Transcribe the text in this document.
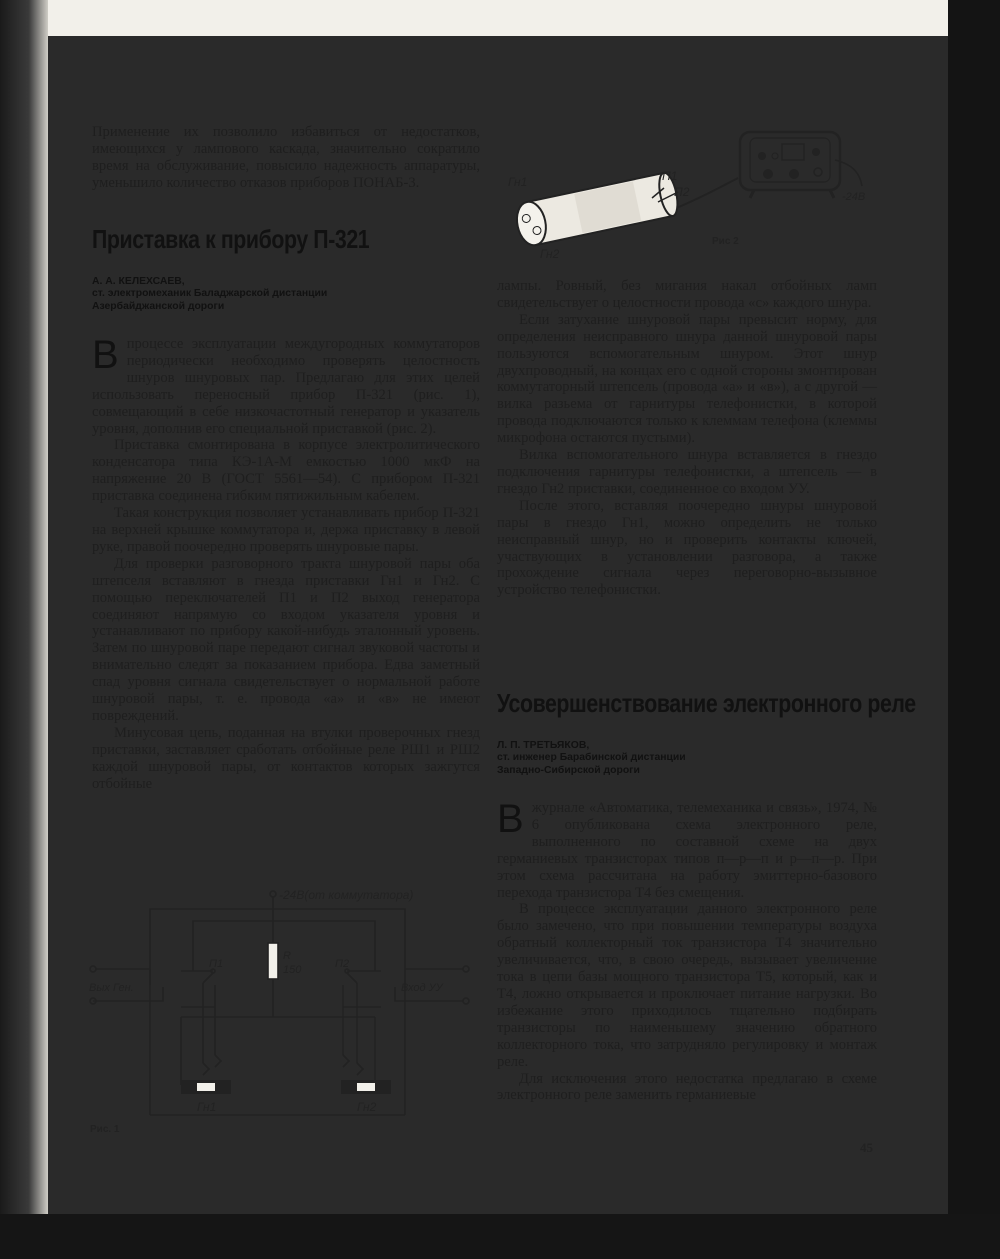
Применение их позволило избавиться от недостатков, имеющихся у лампового каскада, значительно сократило время на обслуживание, повысило надежность аппаратуры, уменьшило количество отказов приборов ПОНАБ-3.

Приставка к прибору П-321
А. А. КЕЛЕХСАЕВ,
ст. электромеханик Баладжарской дистанции
Азербайджанской дороги

В процессе эксплуатации междугородных коммутаторов периодически необходимо проверять целостность шнуров шнуровых пар. Предлагаю для этих целей использовать переносный прибор П-321 (рис. 1), совмещающий в себе низкочастотный генератор и указатель уровня, дополнив его специальной приставкой (рис. 2).

Приставка смонтирована в корпусе электролитического конденсатора типа КЭ-1А-М емкостью 1000 мкФ на напряжение 20 В (ГОСТ 5561—54). С прибором П-321 приставка соединена гибким пятижильным кабелем.

Такая конструкция позволяет устанавливать прибор П-321 на верхней крышке коммутатора и, держа приставку в левой руке, правой поочередно проверять шнуровые пары.

Для проверки разговорного тракта шнуровой пары оба штепселя вставляют в гнезда приставки Гн1 и Гн2. С помощью переключателей П1 и П2 выход генератора соединяют напрямую со входом указателя уровня и устанавливают по прибору какой-нибудь эталонный уровень. Затем по шнуровой паре передают сигнал звуковой частоты и внимательно следят за показанием прибора. Едва заметный спад уровня сигнала свидетельствует о нормальной работе шнуровой пары, т. е. провода «а» и «в» не имеют повреждений.

Минусовая цепь, поданная на втулки проверочных гнезд приставки, заставляет сработать отбойные реле РШ1 и РШ2 каждой шнуровой пары, от контактов которых зажгутся отбойные

Гн1
Гн2
П1
П2	-24В
Рис 2

лампы. Ровный, без мигания накал отбойных ламп свидетельствует о целостности провода «с» каждого шнура.

Если затухание шнуровой пары превысит норму, для определения неисправного шнура данной шнуровой пары пользуются вспомогательным шнуром. Этот шнур двухпроводный, на концах его с одной стороны змонтирован коммутаторный штепсель (провода «а» и «в»), а с другой — вилка разьема от гарнитуры телефонистки, в которой провода подключаются только к клеммам телефона (клеммы микрофона остаются пустыми).

Вилка вспомогательного шнура вставляется в гнездо подключения гарнитуры телефонистки, а штепсель — в гнездо Гн2 приставки, соединенное со входом УУ.

После этого, вставляя поочередно шнуры шнуровой пары в гнездо Гн1, можно определить не только неисправный шнур, но и проверить контакты ключей, участвующих в установлении разговора, а также прохождение сигнала через переговорно-вызывное устройство телефонистки.

Усовершенствование электронного реле
Л. П. ТРЕТЬЯКОВ,
ст. инженер Барабинской дистанции
Западно-Сибирской дороги

В журнале «Автоматика, телемеханика и связь», 1974, № 6 опубликована схема электронного реле, выполненного по составной схеме на двух германиевых транзисторах типов п—р—п и р—п—р. При этом схема рассчитана на работу эмиттерно-базового перехода транзистора Т4 без смещения.

В процессе эксплуатации данного электронного реле было замечено, что при повышении температуры воздуха обратный коллекторный ток транзистора Т4 значительно увеличивается, что, в свою очередь, вызывает увеличение тока в цепи базы мощного транзистора Т5, который, как и Т4, ложно открывается и проключает питание нагрузки. Во избежание этого приходилось тщательно подбирать транзисторы по наименьшему значению обратного коллекторного тока, что затрудняло регулировку и монтаж реле.

Для исключения этого недостатка предлагаю в схеме электронного реле заменить германиевые

-24В(от коммутатора)
Вых Ген.	Вход УУ
П1	П2
R
150
Гн1	Гн2
Рис. 1
45
